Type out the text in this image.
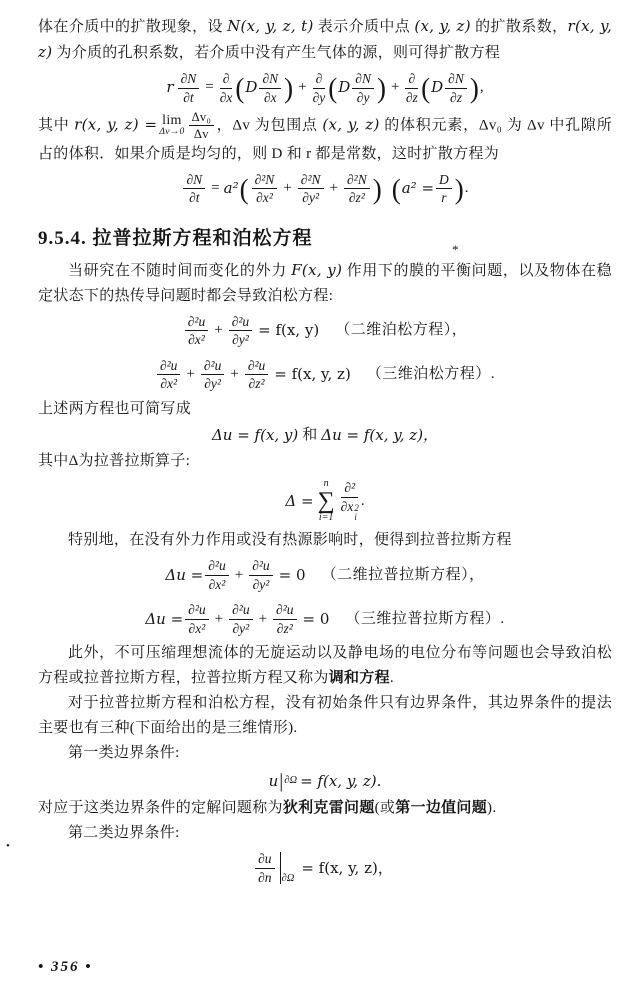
体在介质中的扩散现象，设 N(x, y, z, t) 表示介质中点 (x, y, z) 的扩散系数，r(x, y, z) 为介质的孔积系数，若介质中没有产生气体的源，则可得扩散方程

r $\frac{\partial N}{\partial t} = \frac{\partial}{\partial x}$ ( D $\frac{\partial N}{\partial x}$ ) + $\frac{\partial}{\partial y}$ ( D $\frac{\partial N}{\partial y}$ ) + $\frac{\partial}{\partial z}$ ( D $\frac{\partial N}{\partial z}$ ) ,

其中 r(x, y, z) = lim
$\Delta v\to 0 \frac{\text{Δv₀}}{\Delta v}$ ，Δv 为包围点 (x, y, z) 的体积元素，Δv₀ 为 Δv 中孔隙所占的体积．如果介质是均匀的，则 D 和 r 都是常数，这时扩散方程为

$\frac{\partial N}{\partial t} = a^2$ ( $\frac{\text{∂²N}}{\text{∂x²}} + \frac{\text{∂²N}}{\text{∂y²}} + \frac{\text{∂²N}}{\text{∂z²}}$ ) ( $a^2 = \frac{D}{r}$ ) .
9.5.4. 拉普拉斯方程和泊松方程

当研究在不随时间而变化的外力 F(x, y) 作用下的膜的平衡问题，以及物体在稳定状态下的热传导问题时都会导致泊松方程:

$\frac{\text{∂²u}}{\text{∂x²}} + \frac{\text{∂²u}}{\text{∂y²}} = f(x$, y) （二维泊松方程），
$\frac{\text{∂²u}}{\text{∂x²}} + \frac{\text{∂²u}}{\text{∂y²}} + \frac{\text{∂²u}}{\text{∂z²}} = f(x$, y, z) （三维泊松方程）.

上述两方程也可简写成

Δu = f(x, y) 和 Δu = f(x, y, z)，

其中Δ为拉普拉斯算子:

Δ =
n
∑
i=1 ∂²
∂x 2
i .

特别地，在没有外力作用或没有热源影响时，便得到拉普拉斯方程

$\Delta u = \frac{\text{∂²u}}{\text{∂x²}} + \frac{\text{∂²u}}{\text{∂y²}} = 0$ （二维拉普拉斯方程），
$\Delta u = \frac{\text{∂²u}}{\text{∂x²}} + \frac{\text{∂²u}}{\text{∂y²}} + \frac{\text{∂²u}}{\text{∂z²}} = 0$ （三维拉普拉斯方程）.

此外，不可压缩理想流体的无旋运动以及静电场的电位分布等问题也会导致泊松方程或拉普拉斯方程，拉普拉斯方程又称为调和方程.

对于拉普拉斯方程和泊松方程，没有初始条件只有边界条件，其边界条件的提法主要也有三种(下面给出的是三维情形).

第一类边界条件:

u | ∂Ω = f(x, y, z).

对应于这类边界条件的定解问题称为狄利克雷问题(或第一边值问题).

第二类边界条件:

$\frac{\partial u}{\partial n} \partial\Omega$
= f(x, y, z)，
• 356 •
*
•
